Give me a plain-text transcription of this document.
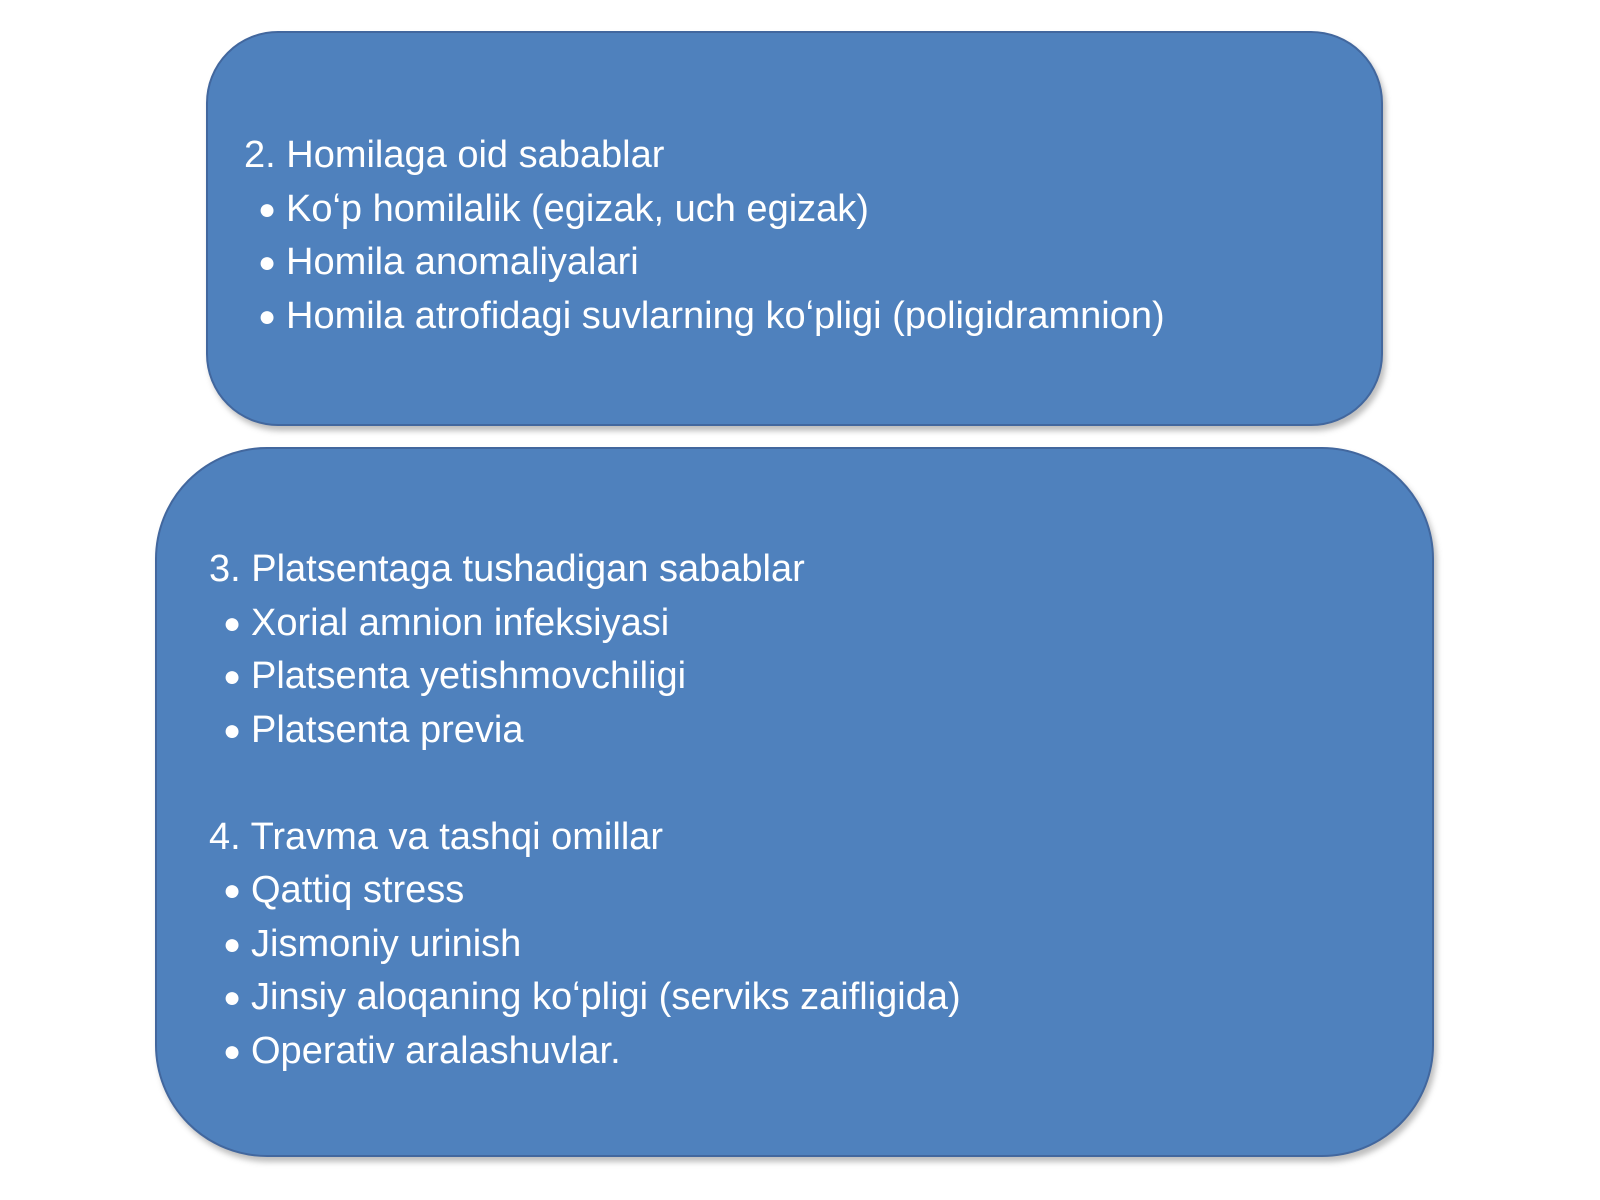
2. Homilaga oid sabablar
● Koʻp homilalik (egizak, uch egizak)
● Homila anomaliyalari
● Homila atrofidagi suvlarning koʻpligi (poligidramnion)
3. Platsentaga tushadigan sabablar
● Xorial amnion infeksiyasi
● Platsenta yetishmovchiligi
● Platsenta previa
4. Travma va tashqi omillar
● Qattiq stress
● Jismoniy urinish
● Jinsiy aloqaning koʻpligi (serviks zaifligida)
● Operativ aralashuvlar.
